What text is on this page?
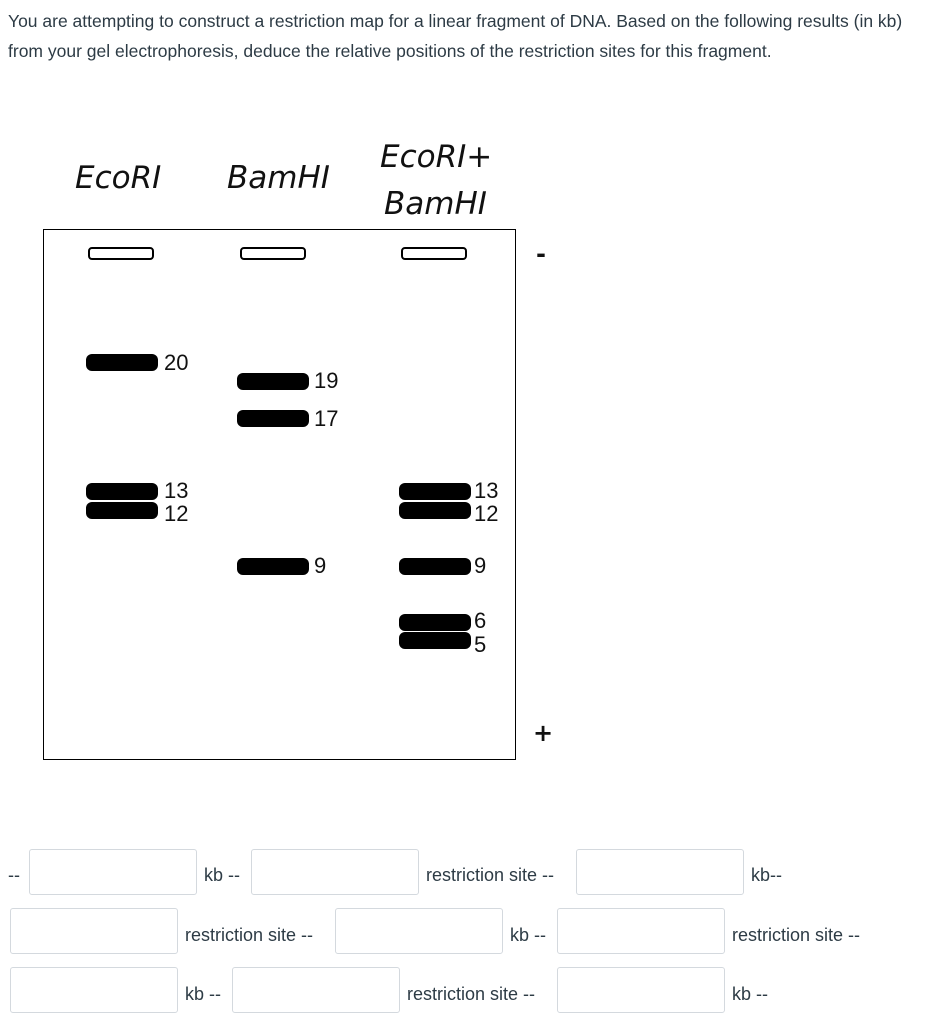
You are attempting to construct a restriction map for a linear fragment of DNA. Based on the following results (in kb) from your gel electrophoresis, deduce the relative positions of the restriction sites for this fragment.

EcoRI BamHI
EcoRI+
BamHI
20
13
12
19
17
9
13
12
9
6
5
-
+
--	kb --	restriction site --	kb--
restriction site --	kb --	restriction site --
kb --	restriction site --	kb --
